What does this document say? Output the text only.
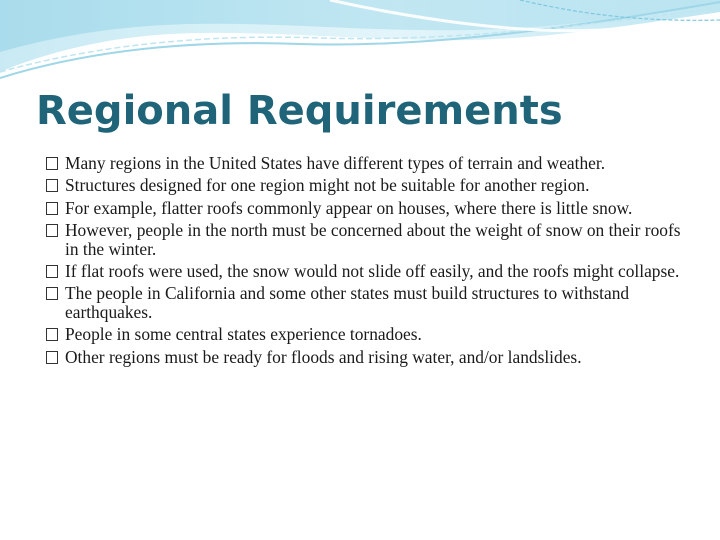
Regional Requirements
Many regions in the United States have different types of terrain and weather.
Structures designed for one region might not be suitable for another region.
For example, flatter roofs commonly appear on houses, where there is little snow.
However, people in the north must be concerned about the weight of snow on their roofs in the winter.
If flat roofs were used, the snow would not slide off easily, and the roofs might collapse.
The people in California and some other states must build structures to withstand earthquakes.
People in some central states experience tornadoes.
Other regions must be ready for floods and rising water, and/or landslides.
